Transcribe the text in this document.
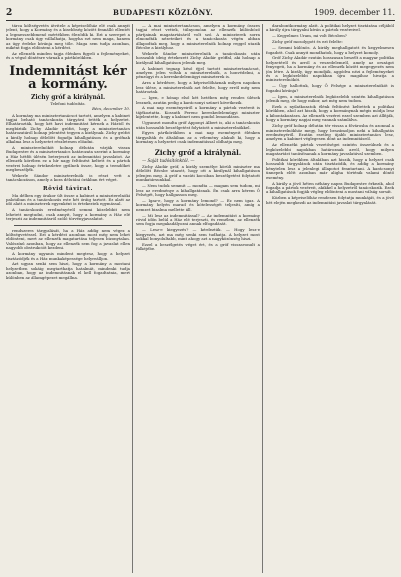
2	BUDAPESTI KÖZLÖNY.	1909. december 11.

tárca költségvetés átvitele a képviselőház elé csak annyit jelent, hogy a Kormány és a kisebbség között fennálló ellentét a legmesszebbmenő mértékben éleződik ki. Ezt a szerepet a kormány csak úgy vállalhatja, hogyha ezt nem maga, hanem az ügy érdeke kívánja meg tőle. Maga sem tudja azonban, miként fogja eldönteni a kérdést.

Az ellenzék minden tagja élénken figyeli a fejleményeket, és a végső döntésre várnak a pártkörökben.

Indemnitást kér a kormány.
Zichy gróf a királynál.
Telefoni tudósítás.
Bécs, december 10.

A kormány ma minisztertanácsot tartott, amelyen a kabinet tagjai beható tanácskozás tárgyává tették a helyzetet. Elhatározták, hogy két havi indemnitást kérnek a Háztól és megbízták Zichy Aladár grófot, hogy a minisztertanács határozatáról holnap jelentést tegyen a királynak. Zichy grófot a király holnap délelőtt fogadja kihallgatáson és a grófnak alkalma lesz a helyzetet részletesen előadni.

A miniszterelnököt holnap délután várják vissza Budapestre és a minisztertanács határozata szerint a kormány a Ház hétfői ülésén beterjeszti az indemnitási javaslatot. Az ellenzék körében ez a hír nagy feltűnést keltett és a pártok vezérei holnap értekezletre gyűlnek össze, hogy a teendőket megbeszéljék.

Wekerle Sándor miniszterelnök is részt vett a tanácskozáson, amely a kora délutáni órákban ért véget.

Rövid távirat.

Ma délben egy órakor ült össze a kabinet a miniszterelnöki palotában és a tanácskozás este hét óráig tartott. Ez alatt az idő alatt a miniszterek egyenként is értekeztek egymással.

A tanácskozás eredményéről semmi közelebbit nem lehetett megtudni, csak annyit, hogy a kormány a Ház elé terjeszti az indemnitásról szóló törvényjavaslatot.

rendszeres tárgyalását, ha a Ház addig nem végez a költségvetéssel. Ezt a kérdést azonban most még nem lehet eldönteni, mert az ellenzék magatartása teljesen bizonytalan. Valószínű azonban, hogy az ellenzék sem fog a javaslat ellen nagyobb obstrukciót kezdeni.

A kormány ugyanis mindent megtesz, hogy a helyzet tisztázódjék és a Ház munkaképessége helyreálljon.

Azt ugyan senki sem hiszi, hogy a kormány a mostani helyzetben sokáig megtarthatja hatalmát, mindenki tudja azonban, hogy az indemnitásnak el kell fogadtatnia, mert különben az államgépezet megállna.

— A mai minisztertanácson, amelyen a kormány összes tagjai részt vettek, túlnyomóan az ellenzék különböző pártjainak magatartásáról volt szó. A miniszterek sorra elmondták nézeteiket és a tanácskozás végén abban állapodtak meg, hogy a miniszterelnök holnap reggel utazik Bécsbe a királyhoz.

Wekerle Sándor miniszterelnök a tanácskozás után hosszabb ideig értekezett Zichy Aladár gróffal, aki holnap a királynál kihallgatáson jelenik meg.

A kabinet tegnap késő éjjel tartott minisztertanácsot, amelyen jelen voltak a miniszterelnök, a honvédelmi, a pénzügyi és a kereskedelemügyi miniszterek is.

Arra a kérdésre, hogy a képviselőháznak milyen napokon lesz ülése, a miniszterelnök azt felelte, hogy erről még nem határoztak.

— Igen, e hónap első két hetében még rendes ülések lesznek, azután pedig a karácsonyi szünet következik.

A mai nap eseményeiről a kormány a pártok vezéreit is tájékoztatta. Kossuth Ferenc kereskedelemügyi miniszter kijelentette, hogy a kabinet nem gondol lemondásra.

Ugyanezt mondta gróf Apponyi Albert is, aki a tanácskozás után hosszabb beszélgetést folytatott a miniszterelnökkel.

Egyes pártkörökben a mai nap eseményeit élénken tárgyalták és általában az a vélemény alakult ki, hogy a kormány a helyzetet csak indemnitással oldhatja meg.

Zichy gróf a királynál.
— Saját tudósítónktól. —

Zichy Aladár gróf, a király személye körüli miniszter ma délelőtt Bécsbe utazott, hogy ott a királynál kihallgatáson jelenjen meg. A gróf a vasúti kocsiban beszélgetést folytatott munkatársunkkal.

— Nem tudok semmit — mondta — magam sem tudom, mi lesz az eredménye a kihallgatásnak. Én csak arra kérem Ő Felségét, hogy hallgasson meg.

— Igaz-e, hogy a kormány lemond? — Ez nem igaz. A kormány helyén marad és kötelességét teljesíti, amíg a nemzet bizalma mellette áll.

— Mi lesz az indemnitással? — Az indemnitást a kormány rövid időn belül a Ház elé terjeszti, és remélem, az ellenzék sem fogja megakadályozni annak elfogadását.

— Lesz-e kiegyezés? — kérdeztük. — Hogy lesz-e kiegyezés, azt ma még senki sem tudhatja. A helyzet most sokkal bonyolultabb, mint ahogy azt a nagyközönség hiszi.

Ezzel a beszélgetés véget ért, és a gróf visszavonult a fülkéjébe.

darabontkormány alatt. A politikai helyzet tisztázása céljából a király újra tárgyalni kíván a pártok vezéreivel.

— Kegyelmes Uram, mi volt Bécsben?

Zichy gróf mosolygott és ezt felelte:

— Semmi különös. A király meghallgatott és kegyelmesen fogadott. Csak annyit mondhatok, hogy a helyzet komoly.

Gróf Zichy Aladár ezután hosszasan beszélt a magyar politika helyzetéről és arról a veszedelemről, amely az országot fenyegeti, ha a kormány és az ellenzék között megegyezés nem jön létre. A király, úgy mondják, aggódva nézi a fejleményeket és a legközelebbi napokban újra magához hivatja a miniszterelnököt.

— Úgy hallottuk, hogy Ő Felsége a miniszterelnököt is fogadni kívánja?

— Igen, a miniszterelnök legközelebb szintén kihallgatáson jelenik meg, de hogy mikor, azt még nem tudom.

Ezek a nyilatkozatok élénk feltűnést keltettek a politikai körökben, ahol azt hiszik, hogy a kormánynak mégis módja lesz a kibontakozásra. Az ellenzék vezérei ezzel szemben azt állítják, hogy a kormány napjai meg vannak számlálva.

Zichy gróf holnap délután tér vissza a fővárosba és azonnal a miniszterelnökhöz megy, hogy beszámoljon neki a kihallgatás eredményéről. Ezután esetleg újabb minisztertanács lesz, amelyen a kabinet véglegesen dönt az indemnitásról.

Az ellenzéki pártok vezetőségei szintén összeülnek és a legközelebbi napokban határoznak arról, hogy milyen magatartást tanúsítsanak a kormány javaslatával szemben.

Politikai körökben általában azt hiszik, hogy a helyzet csak hosszabb tárgyalások után tisztázódik, és addig a kormány kénytelen lesz a jelenlegi állapotot fenntartani. A karácsonyi ünnepek előtt azonban már aligha történik valami döntő esemény.

A király a jövő héten néhány napra Budapestre érkezik, ahol fogadja a pártok vezéreit, akikkel a helyzetről tanácskozik. Ezek a kihallgatások fogják végleg eldönteni a mostani válság sorsát.

Közben a képviselőház rendesen folytatja munkáját, és a jövő hét elején megkezdi az indemnitási javaslat tárgyalását.
